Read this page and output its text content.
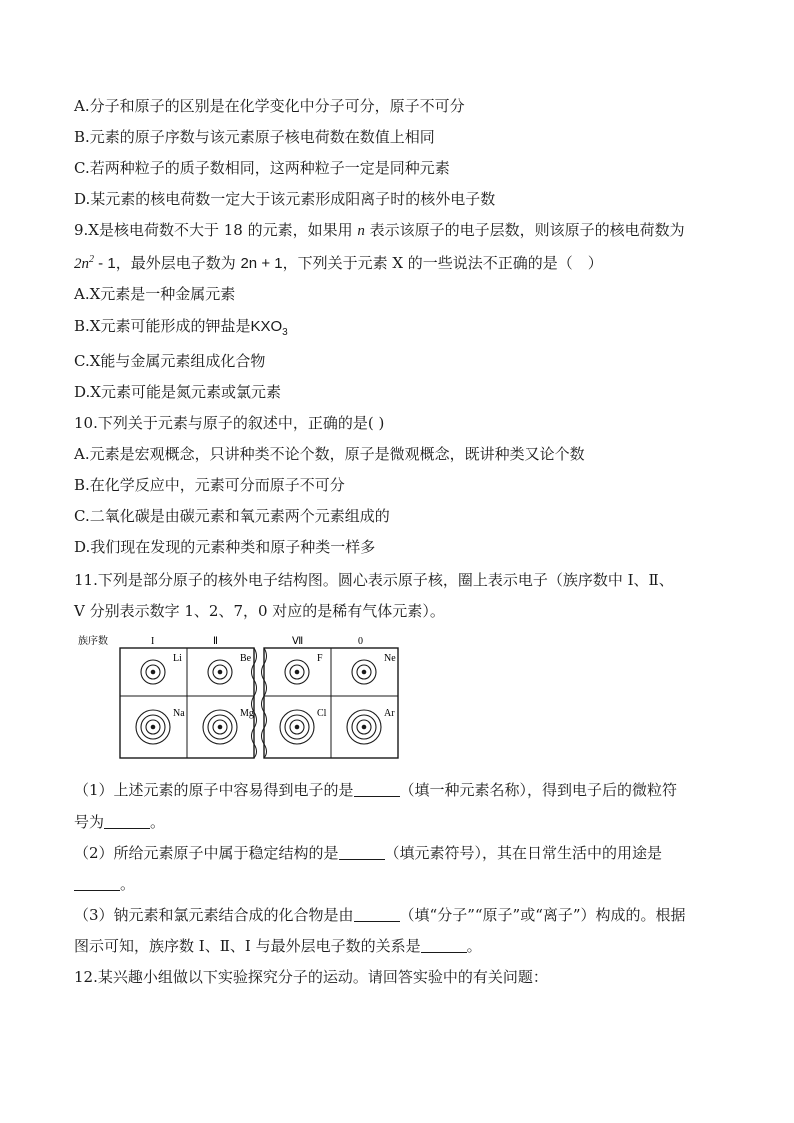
A.分子和原子的区别是在化学变化中分子可分，原子不可分
B.元素的原子序数与该元素原子核电荷数在数值上相同
C.若两种粒子的质子数相同，这两种粒子一定是同种元素
D.某元素的核电荷数一定大于该元素形成阳离子时的核外电子数
9.X是核电荷数不大于 18 的元素，如果用 n 表示该原子的电子层数，则该原子的核电荷数为
$2n^2 - 1$，最外层电子数为 2n + 1，下列关于元素 X 的一些说法不正确的是（　）
A.X元素是一种金属元素
B.X元素可能形成的钾盐是$KXO_3$
C.X能与金属元素组成化合物
D.X元素可能是氮元素或氯元素
10.下列关于元素与原子的叙述中，正确的是( )
A.元素是宏观概念，只讲种类不论个数，原子是微观概念，既讲种类又论个数
B.在化学反应中，元素可分而原子不可分
C.二氧化碳是由碳元素和氧元素两个元素组成的
D.我们现在发现的元素种类和原子种类一样多
11.下列是部分原子的核外电子结构图。圆心表示原子核，圈上表示电子（族序数中 I、Ⅱ、
V 分别表示数字 1、2、7，0 对应的是稀有气体元素）。
族序数	I	Ⅱ	Ⅶ	0
Li	Be	F	Ne
Na	Mg	Cl	Ar
（1）上述元素的原子中容易得到电子的是	（填一种元素名称），得到电子后的微粒符
号为	。
（2）所给元素原子中属于稳定结构的是	（填元素符号），其在日常生活中的用途是
。
（3）钠元素和氯元素结合成的化合物是由	（填“分子”“原子”或“离子”）构成的。根据
图示可知，族序数 I、Ⅱ、I 与最外层电子数的关系是	。
12.某兴趣小组做以下实验探究分子的运动。请回答实验中的有关问题：
